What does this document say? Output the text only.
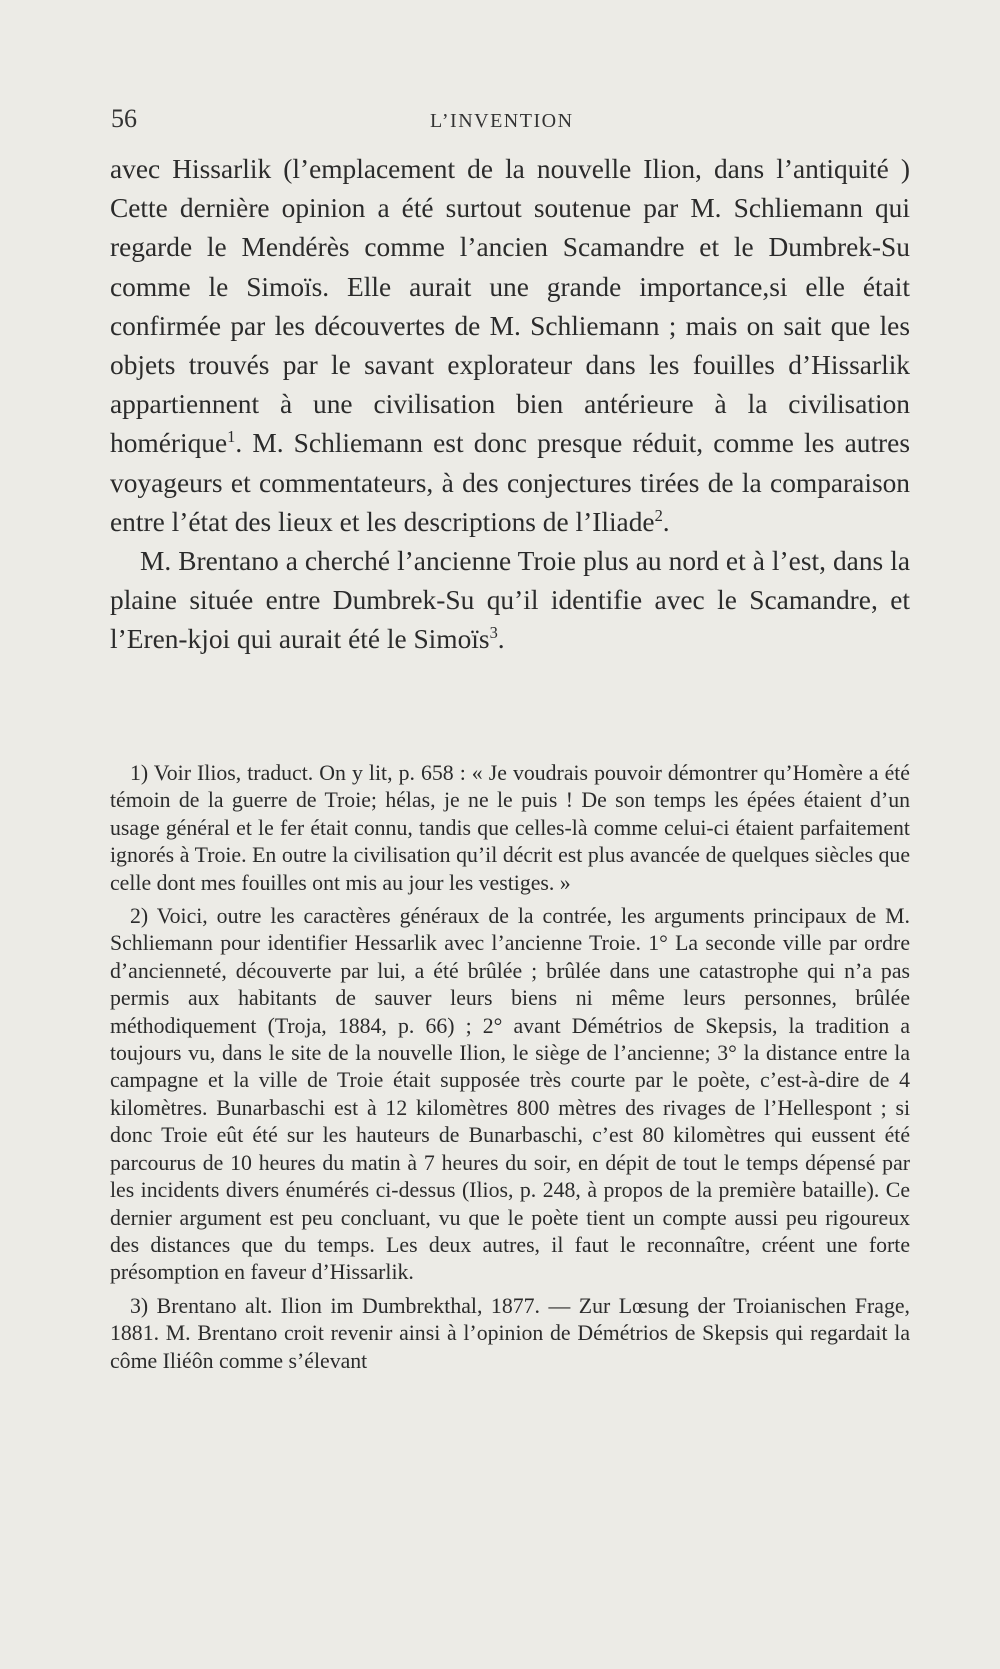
56	L’INVENTION

avec Hissarlik (l’emplacement de la nouvelle Ilion, dans l’antiquité ) Cette dernière opinion a été surtout soutenue par M. Schliemann qui regarde le Mendérès comme l’ancien Scamandre et le Dumbrek-Su comme le Simoïs. Elle aurait une grande importance,si elle était confirmée par les découvertes de M. Schliemann ; mais on sait que les objets trouvés par le savant explorateur dans les fouilles d’Hissarlik appartiennent à une civilisation bien antérieure à la civilisation homérique$^1$. M. Schliemann est donc presque réduit, comme les autres voyageurs et commentateurs, à des conjectures tirées de la comparaison entre l’état des lieux et les descriptions de l’Iliade$^2$.

M. Brentano a cherché l’ancienne Troie plus au nord et à l’est, dans la plaine située entre Dumbrek-Su qu’il identifie avec le Scamandre, et l’Eren-kjoi qui aurait été le Simoïs$^3$.

1) Voir Ilios, traduct. On y lit, p. 658 : « Je voudrais pouvoir démontrer qu’Homère a été témoin de la guerre de Troie; hélas, je ne le puis ! De son temps les épées étaient d’un usage général et le fer était connu, tandis que celles-là comme celui-ci étaient parfaitement ignorés à Troie. En outre la civilisation qu’il décrit est plus avancée de quelques siècles que celle dont mes fouilles ont mis au jour les vestiges. »

2) Voici, outre les caractères généraux de la contrée, les arguments principaux de M. Schliemann pour identifier Hessarlik avec l’ancienne Troie. 1° La seconde ville par ordre d’ancienneté, découverte par lui, a été brûlée ; brûlée dans une catastrophe qui n’a pas permis aux habitants de sauver leurs biens ni même leurs personnes, brûlée méthodiquement (Troja, 1884, p. 66) ; 2° avant Démétrios de Skepsis, la tradition a toujours vu, dans le site de la nouvelle Ilion, le siège de l’ancienne; 3° la distance entre la campagne et la ville de Troie était supposée très courte par le poète, c’est-à-dire de 4 kilomètres. Bunarbaschi est à 12 kilomètres 800 mètres des rivages de l’Hellespont ; si donc Troie eût été sur les hauteurs de Bunarbaschi, c’est 80 kilomètres qui eussent été parcourus de 10 heures du matin à 7 heures du soir, en dépit de tout le temps dépensé par les incidents divers énumérés ci-dessus (Ilios, p. 248, à propos de la première bataille). Ce dernier argument est peu concluant, vu que le poète tient un compte aussi peu rigoureux des distances que du temps. Les deux autres, il faut le reconnaître, créent une forte présomption en faveur d’Hissarlik.

3) Brentano alt. Ilion im Dumbrekthal, 1877. — Zur Lœsung der Troianischen Frage, 1881. M. Brentano croit revenir ainsi à l’opinion de Démétrios de Skepsis qui regardait la côme Iliéôn comme s’élevant
